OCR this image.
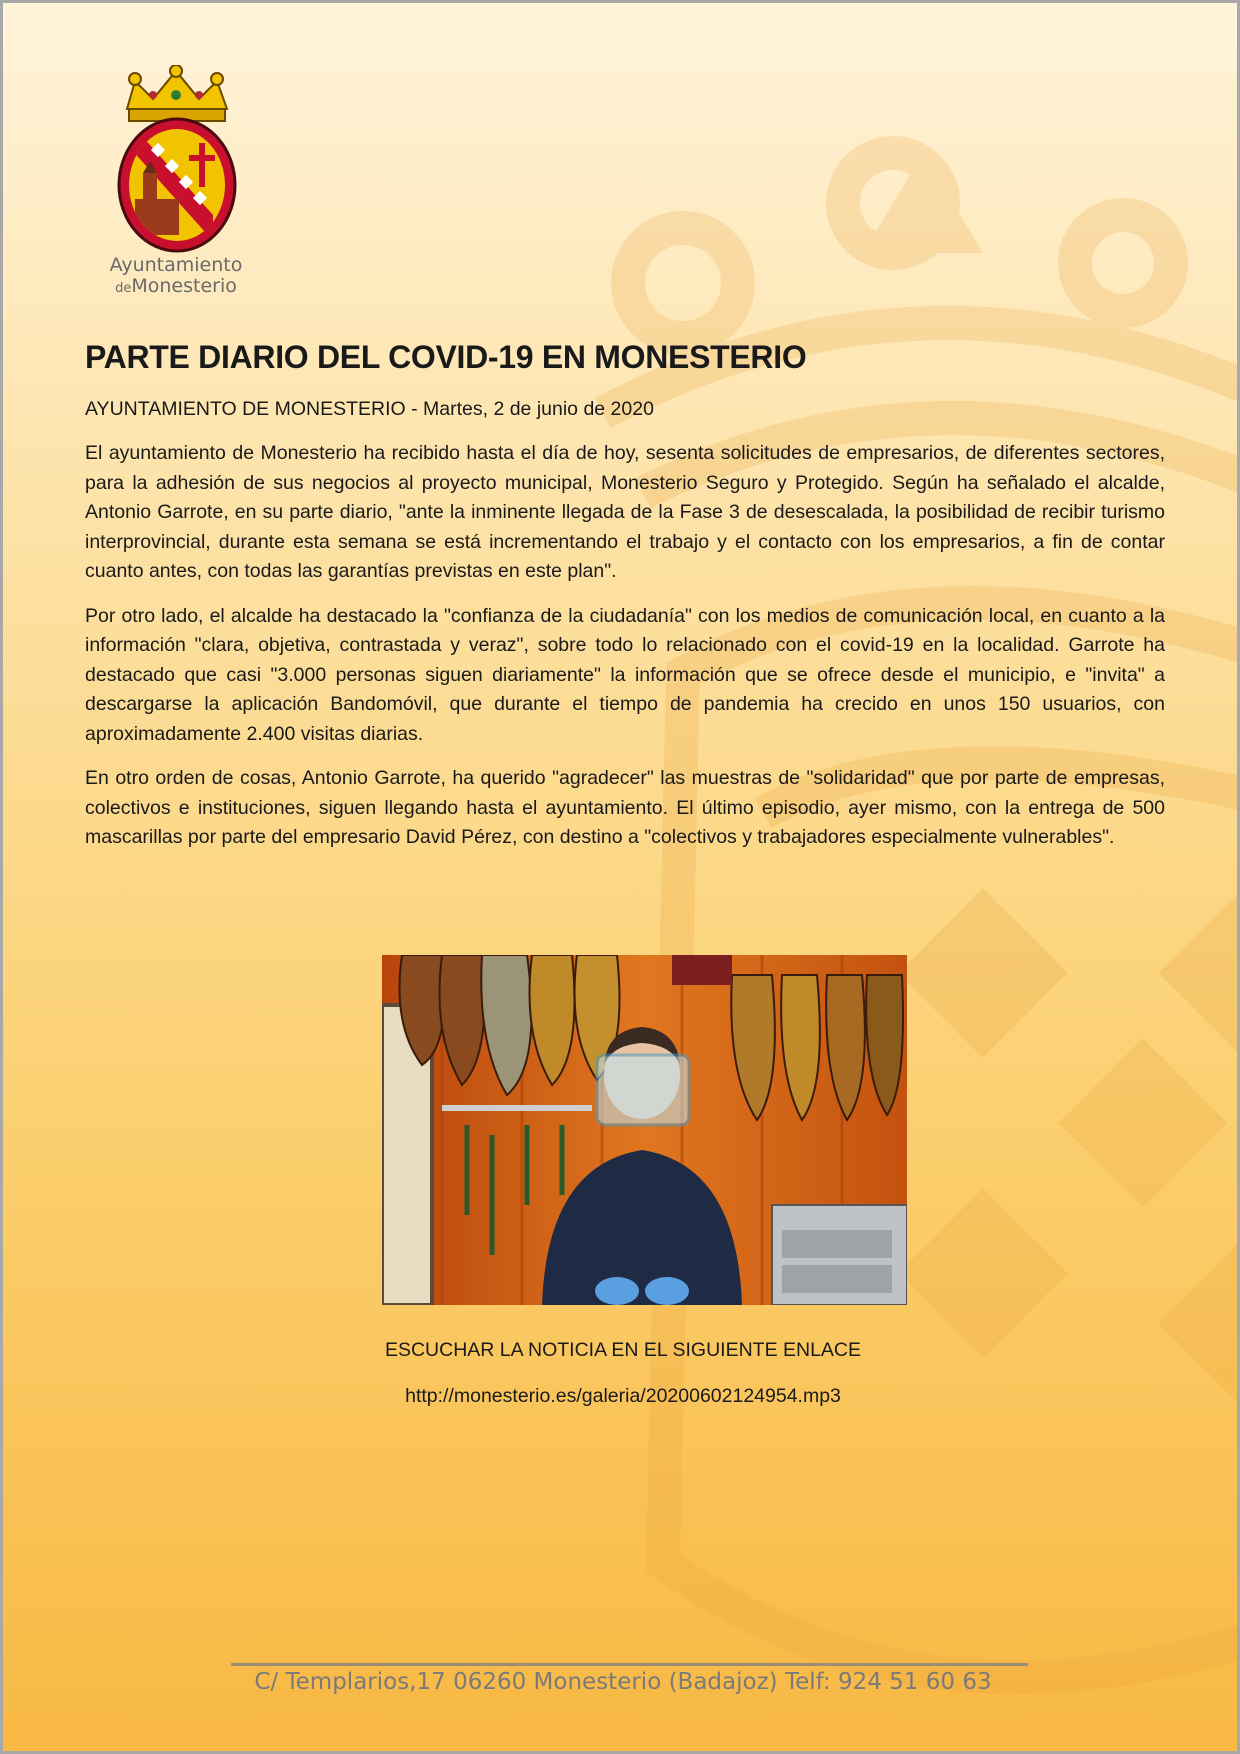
Ayuntamiento
deMonesterio
PARTE DIARIO DEL COVID-19 EN MONESTERIO

AYUNTAMIENTO DE MONESTERIO - Martes, 2 de junio de 2020

El ayuntamiento de Monesterio ha recibido hasta el día de hoy, sesenta solicitudes de empresarios, de diferentes sectores, para la adhesión de sus negocios al proyecto municipal, Monesterio Seguro y Protegido. Según ha señalado el alcalde, Antonio Garrote, en su parte diario, "ante la inminente llegada de la Fase 3 de desescalada, la posibilidad de recibir turismo interprovincial, durante esta semana se está incrementando el trabajo y el contacto con los empresarios, a fin de contar cuanto antes, con todas las garantías previstas en este plan".

Por otro lado, el alcalde ha destacado la "confianza de la ciudadanía" con los medios de comunicación local, en cuanto a la información "clara, objetiva, contrastada y veraz", sobre todo lo relacionado con el covid-19 en la localidad. Garrote ha destacado que casi "3.000 personas siguen diariamente" la información que se ofrece desde el municipio, e "invita" a descargarse la aplicación Bandomóvil, que durante el tiempo de pandemia ha crecido en unos 150 usuarios, con aproximadamente 2.400 visitas diarias.

En otro orden de cosas, Antonio Garrote, ha querido "agradecer" las muestras de "solidaridad" que por parte de empresas, colectivos e instituciones, siguen llegando hasta el ayuntamiento. El último episodio, ayer mismo, con la entrega de 500 mascarillas por parte del empresario David Pérez, con destino a "colectivos y trabajadores especialmente vulnerables".

ESCUCHAR LA NOTICIA EN EL SIGUIENTE ENLACE

http://monesterio.es/galeria/20200602124954.mp3

C/ Templarios,17 06260 Monesterio (Badajoz) Telf: 924 51 60 63
